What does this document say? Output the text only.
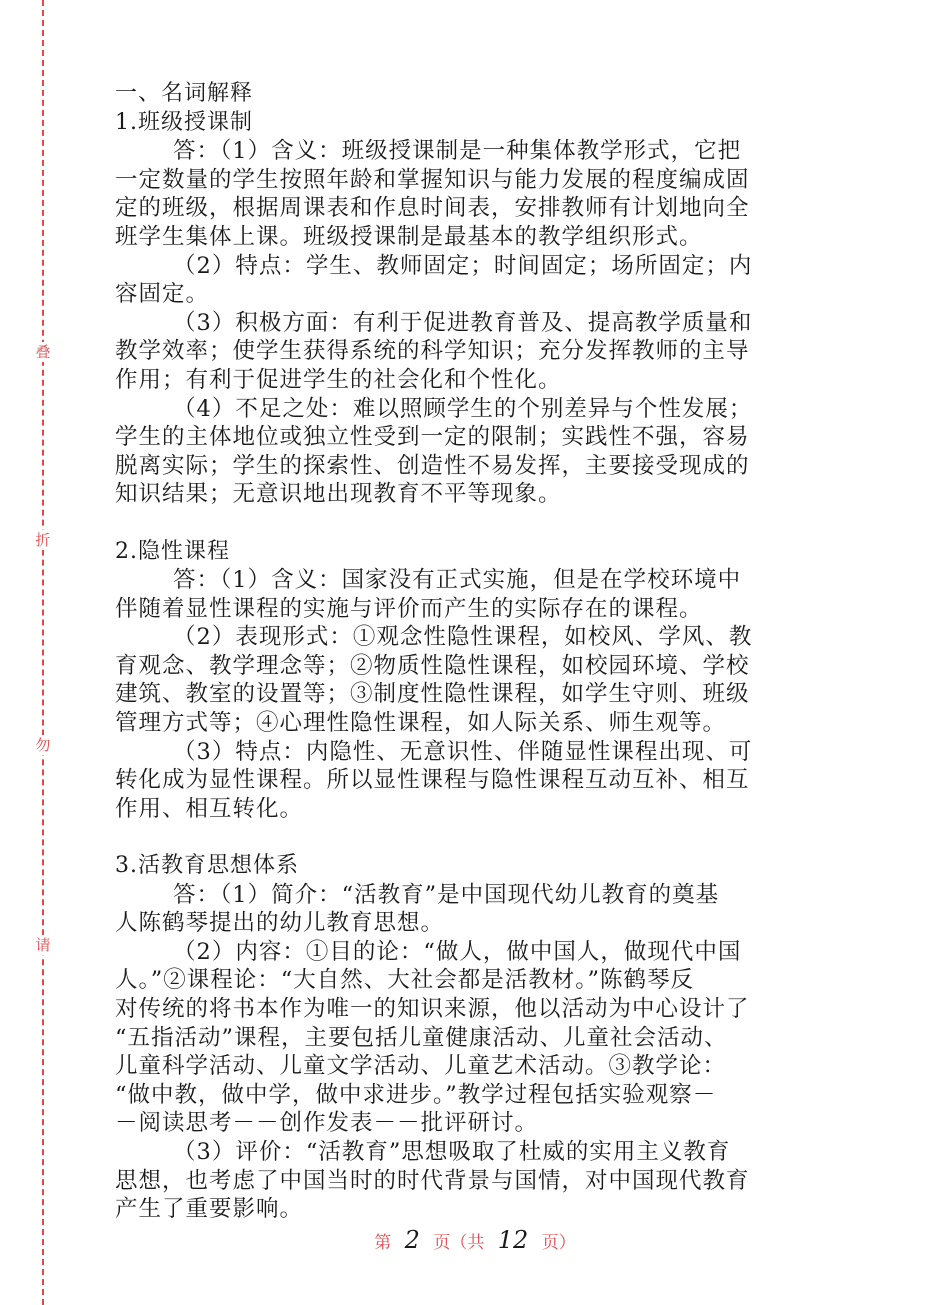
叠
折
勿
请
一、名词解释
1.班级授课制
答：（1）含义：班级授课制是一种集体教学形式，它把
一定数量的学生按照年龄和掌握知识与能力发展的程度编成固
定的班级，根据周课表和作息时间表，安排教师有计划地向全
班学生集体上课。班级授课制是最基本的教学组织形式。
（2）特点：学生、教师固定；时间固定；场所固定；内
容固定。
（3）积极方面：有利于促进教育普及、提高教学质量和
教学效率；使学生获得系统的科学知识；充分发挥教师的主导
作用；有利于促进学生的社会化和个性化。
（4）不足之处：难以照顾学生的个别差异与个性发展；
学生的主体地位或独立性受到一定的限制；实践性不强，容易
脱离实际；学生的探索性、创造性不易发挥，主要接受现成的
知识结果；无意识地出现教育不平等现象。
2.隐性课程
答：（1）含义：国家没有正式实施，但是在学校环境中
伴随着显性课程的实施与评价而产生的实际存在的课程。
（2）表现形式：①观念性隐性课程，如校风、学风、教
育观念、教学理念等；②物质性隐性课程，如校园环境、学校
建筑、教室的设置等；③制度性隐性课程，如学生守则、班级
管理方式等；④心理性隐性课程，如人际关系、师生观等。
（3）特点：内隐性、无意识性、伴随显性课程出现、可
转化成为显性课程。所以显性课程与隐性课程互动互补、相互
作用、相互转化。
3.活教育思想体系
答：（1）简介：“活教育”是中国现代幼儿教育的奠基
人陈鹤琴提出的幼儿教育思想。
（2）内容：①目的论：“做人，做中国人，做现代中国
人。”②课程论：“大自然、大社会都是活教材。”陈鹤琴反
对传统的将书本作为唯一的知识来源，他以活动为中心设计了
“五指活动”课程，主要包括儿童健康活动、儿童社会活动、
儿童科学活动、儿童文学活动、儿童艺术活动。③教学论：
“做中教，做中学，做中求进步。”教学过程包括实验观察－
－阅读思考－－创作发表－－批评研讨。
（3）评价：“活教育”思想吸取了杜威的实用主义教育
思想，也考虑了中国当时的时代背景与国情，对中国现代教育
产生了重要影响。
第 2 页（共 12 页）
